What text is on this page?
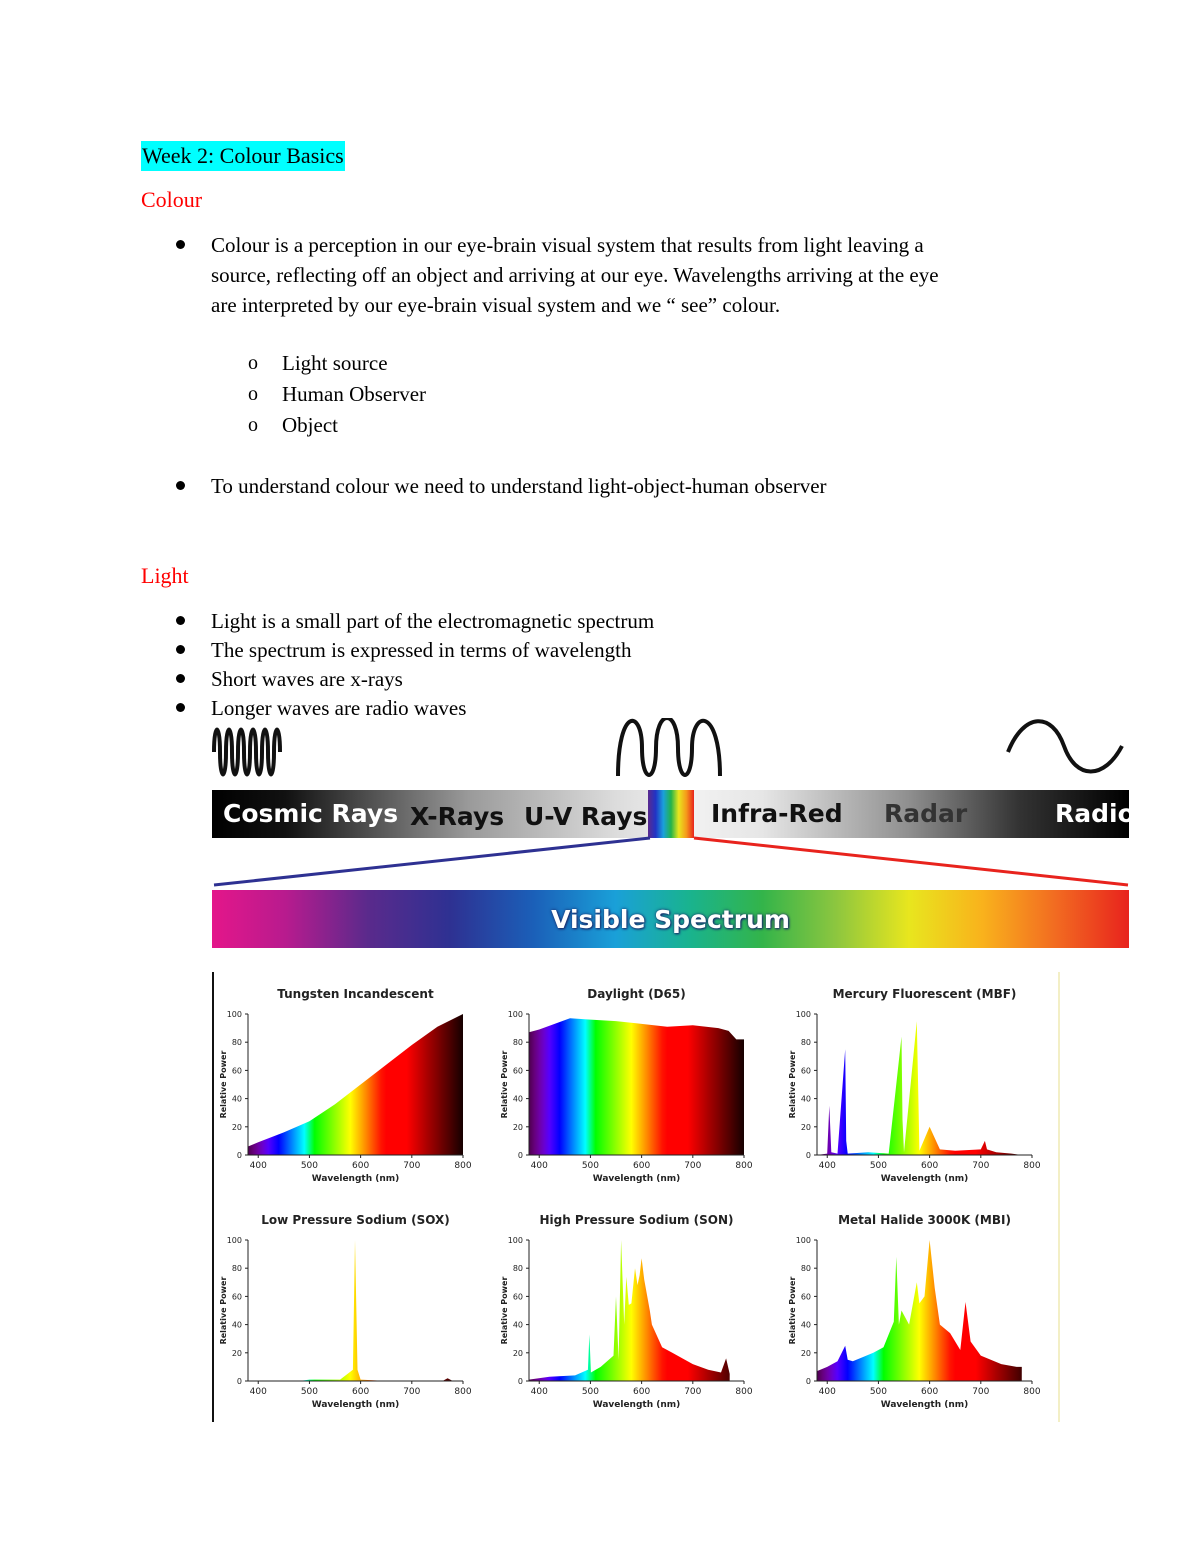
Week 2: Colour Basics
Colour
Colour is a perception in our eye-brain visual system that results from light leaving a
source, reflecting off an object and arriving at our eye. Wavelengths arriving at the eye
are interpreted by our eye-brain visual system and we “ see” colour.
o Light source
o Human Observer
o Object
To understand colour we need to understand light-object-human observer
Light
Light is a small part of the electromagnetic spectrum
The spectrum is expressed in terms of wavelength
Short waves are x-rays
Longer waves are radio waves
Cosmic Rays X-Rays U-V Rays	Infra-Red Radar	Radio
Visible Spectrum
0
20
40
60
80
100
400	500	600	700	800
Tungsten Incandescent
Wavelength (nm)
Relative Power
0
20
40
60
80
100
400	500	600	700	800
Daylight (D65)
Wavelength (nm)
Relative Power
0
20
40
60
80
100
400	500	600	700	800
Mercury Fluorescent (MBF)
Wavelength (nm)
Relative Power
0
20
40
60
80
100
400	500	600	700	800
Low Pressure Sodium (SOX)
Wavelength (nm)
Relative Power
0
20
40
60
80
100
400	500	600	700	800
High Pressure Sodium (SON)
Wavelength (nm)
Relative Power
0
20
40
60
80
100
400	500	600	700	800
Metal Halide 3000K (MBI)
Wavelength (nm)
Relative Power
